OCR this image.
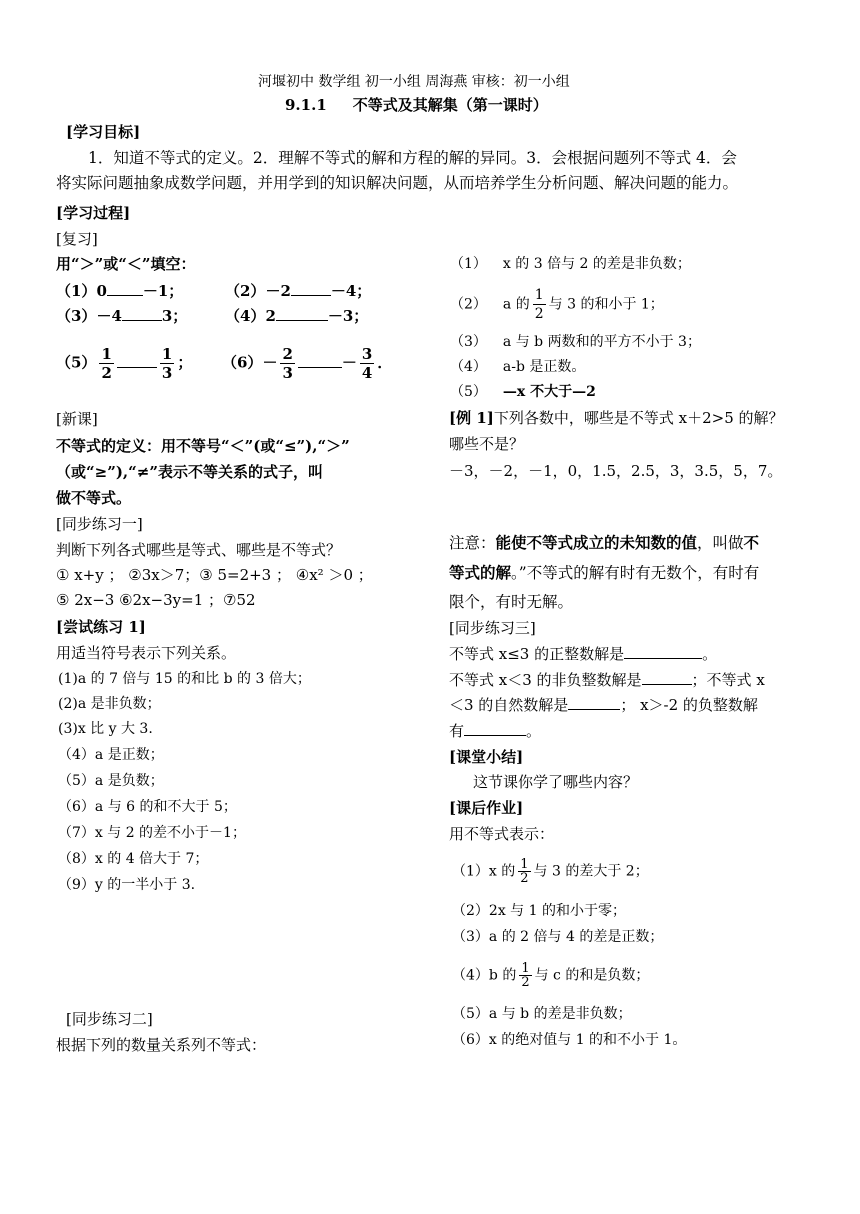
河堰初中 数学组 初一小组 周海燕 审核：初一小组
9.1.1 不等式及其解集（第一课时）
[学习目标]
1．知道不等式的定义。2．理解不等式的解和方程的解的异同。3．会根据问题列不等式 4．会
将实际问题抽象成数学问题，并用学到的知识解决问题，从而培养学生分析问题、解决问题的能力。
[学习过程]
[复习]
用“＞”或“＜”填空：
（1）0 －1；	（2）－2	－4；
（3）－4	3；	（4）2	－3；
$(5) \frac{1}{2}$	$\frac{1}{3}$ ； $(6)- \frac{2}{3}$	－ $\frac{3}{4}$ ．
[新课]
不等式的定义：用不等号“＜”(或“≤”),“＞”
（或“≥”),“≠”表示不等关系的式子，叫
做不等式。
[同步练习一]
判断下列各式哪些是等式、哪些是不等式？
① x+y ； ②3x＞7；③ 5=2+3 ； ④x² ＞0 ；
⑤ 2x−3 ⑥2x−3y=1 ；⑦52
[尝试练习 1]
用适当符号表示下列关系。
(1)a 的 7 倍与 15 的和比 b 的 3 倍大；
(2)a 是非负数；
(3)x 比 y 大 3.
（4）a 是正数；
（5）a 是负数；
（6）a 与 6 的和不大于 5；
（7）x 与 2 的差不小于－1；
（8）x 的 4 倍大于 7；
（9）y 的一半小于 3.
[同步练习二]
根据下列的数量关系列不等式：
（1） x 的 3 倍与 2 的差是非负数；
（2） a 的 $\frac{1}{2}$ 与 3 的和小于 1；
（3） a 与 b 两数和的平方不小于 3；
（4） a-b 是正数。
（5） —x 不大于—2
[例 1]下列各数中，哪些是不等式 x＋2>5 的解？
哪些不是？
－3，－2，－1，0，1.5，2.5，3，3.5，5，7。
注意：能使不等式成立的未知数的值，叫做不
等式的解。”不等式的解有时有无数个，有时有
限个，有时无解。
[同步练习三]
不等式 x≤3 的正整数解是	。
不等式 x＜3 的非负整数解是	；不等式 x
＜3 的自然数解是	； x＞-2 的负整数解
有	。
[课堂小结]
这节课你学了哪些内容？
[课后作业]
用不等式表示：
（1）x 的 $\frac{1}{2}$ 与 3 的差大于 2；
（2）2x 与 1 的和小于零；
（3）a 的 2 倍与 4 的差是正数；
（4）b 的 $\frac{1}{2}$ 与 c 的和是负数；
（5）a 与 b 的差是非负数；
（6）x 的绝对值与 1 的和不小于 1。
